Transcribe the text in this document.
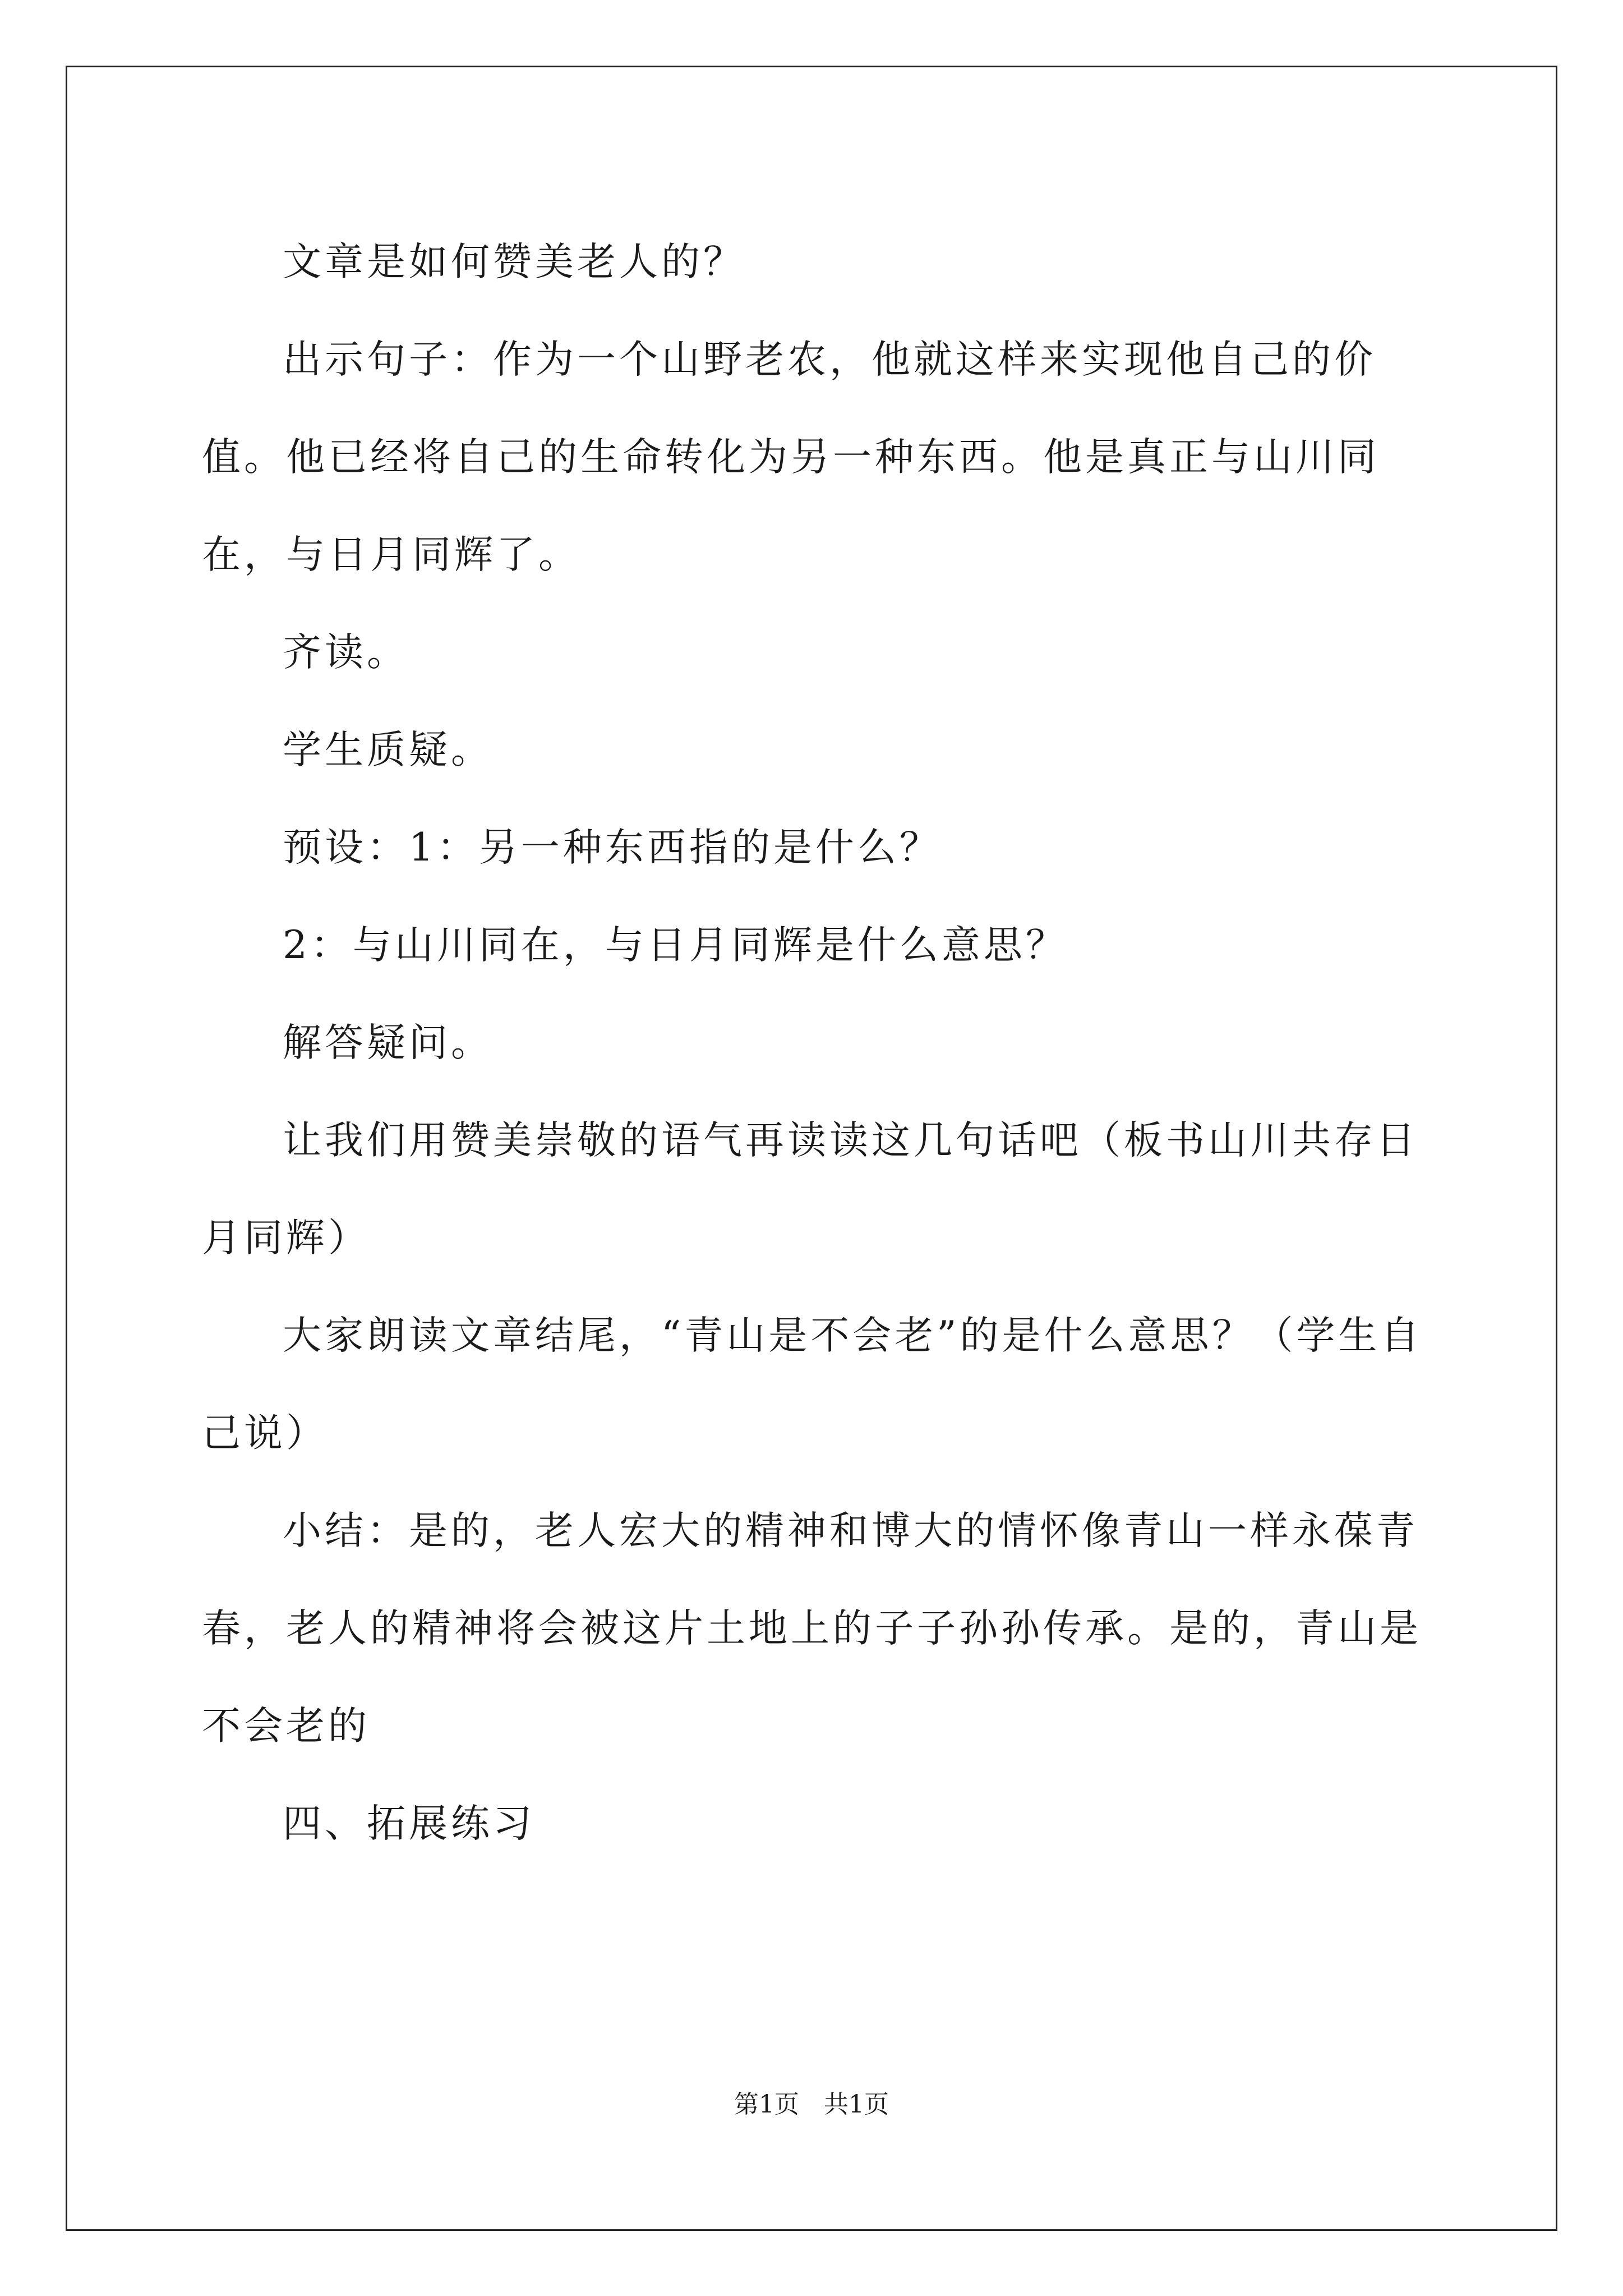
文章是如何赞美老人的？

出示句子：作为一个山野老农，他就这样来实现他自己的价值。他已经将自己的生命转化为另一种东西。他是真正与山川同在，与日月同辉了。

齐读。

学生质疑。

预设：1：另一种东西指的是什么？

2：与山川同在，与日月同辉是什么意思？

解答疑问。

让我们用赞美崇敬的语气再读读这几句话吧（板书山川共存日月同辉）

大家朗读文章结尾，“青山是不会老”的是什么意思？（学生自己说）

小结：是的，老人宏大的精神和博大的情怀像青山一样永葆青春，老人的精神将会被这片土地上的子子孙孙传承。是的，青山是不会老的

四、拓展练习

第1页　共1页
